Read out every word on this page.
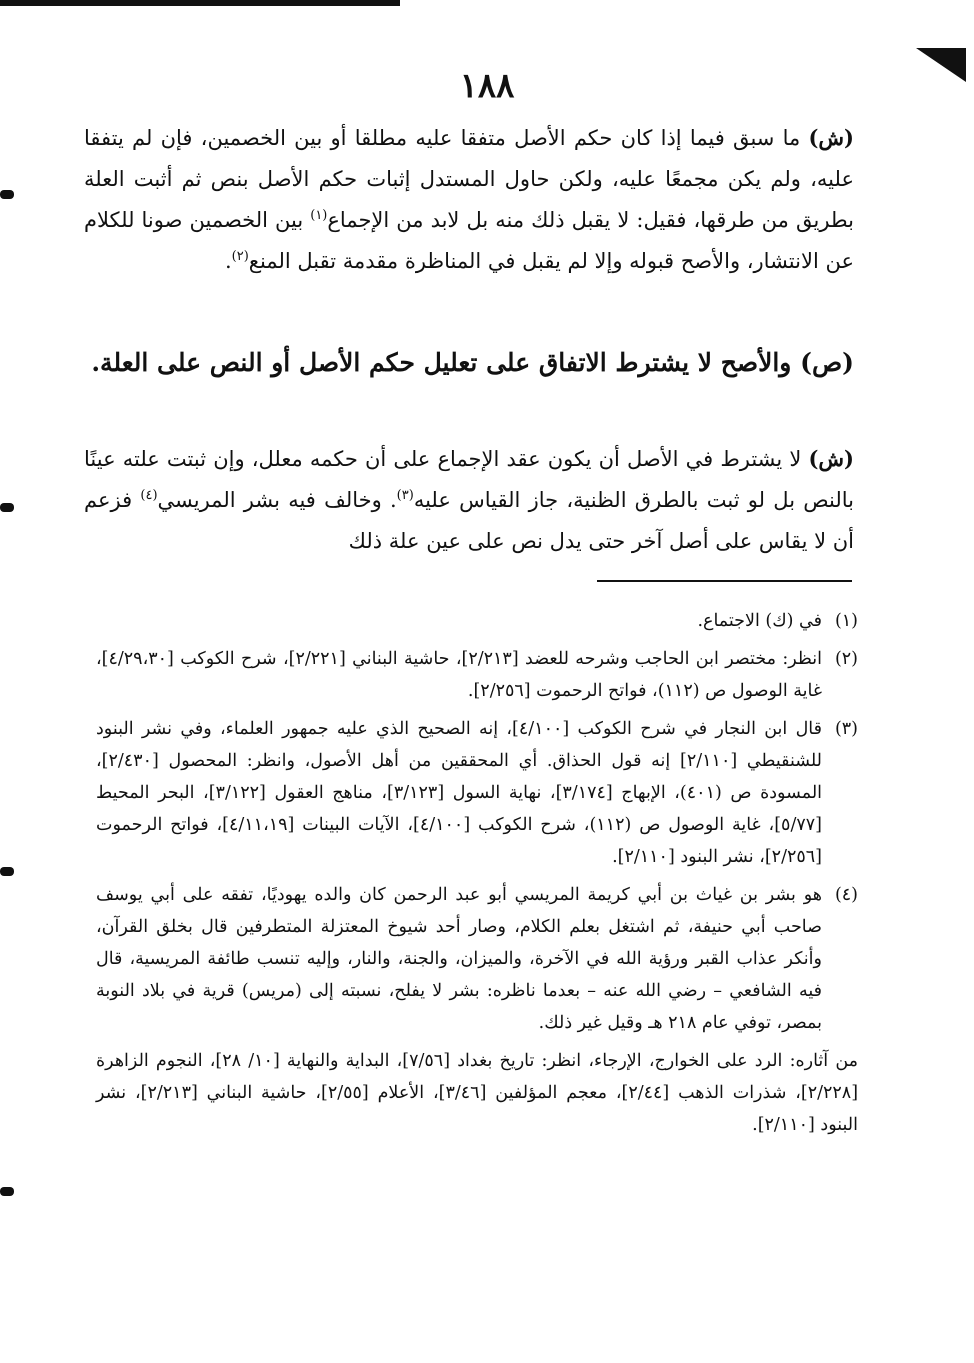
١٨٨

(ش) ما سبق فيما إذا كان حكم الأصل متفقا عليه مطلقا أو بين الخصمين، فإن لم يتفقا عليه، ولم يكن مجمعًا عليه، ولكن حاول المستدل إثبات حكم الأصل بنص ثم أثبت العلة بطريق من طرقها، فقيل: لا يقبل ذلك منه بل لابد من الإجماع$^{(١)}$ بين الخصمين صونا للكلام عن الانتشار، والأصح قبوله وإلا لم يقبل في المناظرة مقدمة تقبل المنع$^{(٢)}$.

(ص) والأصح لا يشترط الاتفاق على تعليل حكم الأصل أو النص على العلة.

(ش) لا يشترط في الأصل أن يكون عقد الإجماع على أن حكمه معلل، وإن ثبتت علته عينًا بالنص بل لو ثبت بالطرق الظنية، جاز القياس عليه$^{(٣)}$. وخالف فيه بشر المريسي$^{(٤)}$ فزعم أن لا يقاس على أصل آخر حتى يدل نص على عين علة ذلك

(١)
في (ك) الاجتماع.
(٢)
انظر: مختصر ابن الحاجب وشرحه للعضد [٢/٢١٣]، حاشية البناني [٢/٢٢١]، شرح الكوكب [٤/٢٩،٣٠]، غاية الوصول ص (١١٢)، فواتح الرحموت [٢/٢٥٦].
(٣)
قال ابن النجار في شرح الكوكب [٤/١٠٠]، إنه الصحيح الذي عليه جمهور العلماء، وفي نشر البنود للشنقيطي [٢/١١٠] إنه قول الحذاق. أي المحققين من أهل الأصول، وانظر: المحصول [٢/٤٣٠]، المسودة ص (٤٠١)، الإبهاج [٣/١٧٤]، نهاية السول [٣/١٢٣]، مناهج العقول [٣/١٢٢]، البحر المحيط [٥/٧٧]، غاية الوصول ص (١١٢)، شرح الكوكب [٤/١٠٠]، الآيات البينات [٤/١١،١٩]، فواتح الرحموت [٢/٢٥٦]، نشر البنود [٢/١١٠].
(٤)
هو بشر بن غياث بن أبي كريمة المريسي أبو عبد الرحمن كان والده يهوديًا، تفقه على أبي يوسف صاحب أبي حنيفة، ثم اشتغل بعلم الكلام، وصار أحد شيوخ المعتزلة المتطرفين قال بخلق القرآن، وأنكر عذاب القبر ورؤية الله في الآخرة، والميزان، والجنة، والنار، وإليه تنسب طائفة المريسية، قال فيه الشافعي – رضي الله عنه – بعدما ناظره: بشر لا يفلح، نسبته إلى (مريس) قرية في بلاد النوبة بمصر، توفي عام ٢١٨ هـ وقيل غير ذلك.
من آثاره: الرد على الخوارج، الإرجاء، انظر: تاريخ بغداد [٧/٥٦]، البداية والنهاية [١٠/ ٢٨]، النجوم الزاهرة [٢/٢٢٨]، شذرات الذهب [٢/٤٤]، معجم المؤلفين [٣/٤٦]، الأعلام [٢/٥٥]، حاشية البناني [٢/٢١٣]، نشر البنود [٢/١١٠].
